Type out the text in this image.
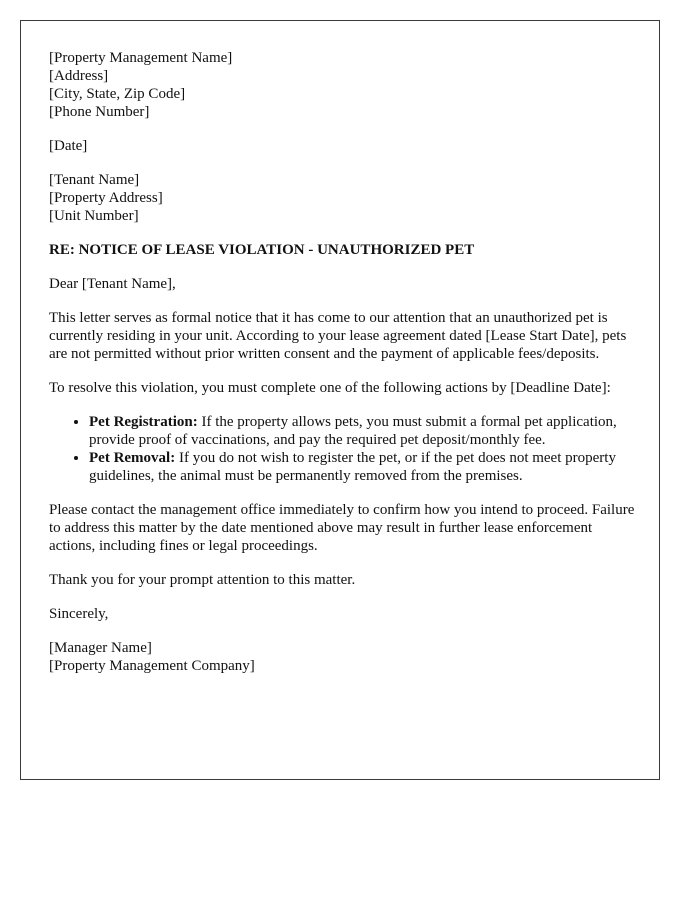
[Property Management Name]
[Address]
[City, State, Zip Code]
[Phone Number]
[Date]
[Tenant Name]
[Property Address]
[Unit Number]
RE: NOTICE OF LEASE VIOLATION - UNAUTHORIZED PET

Dear [Tenant Name],

This letter serves as formal notice that it has come to our attention that an unauthorized pet is currently residing in your unit. According to your lease agreement dated [Lease Start Date], pets are not permitted without prior written consent and the payment of applicable fees/deposits.

To resolve this violation, you must complete one of the following actions by [Deadline Date]:

• Pet Registration: If the property allows pets, you must submit a formal pet application, provide proof of vaccinations, and pay the required pet deposit/monthly fee.
• Pet Removal: If you do not wish to register the pet, or if the pet does not meet property guidelines, the animal must be permanently removed from the premises.

Please contact the management office immediately to confirm how you intend to proceed. Failure to address this matter by the date mentioned above may result in further lease enforcement actions, including fines or legal proceedings.

Thank you for your prompt attention to this matter.

Sincerely,

[Manager Name]
[Property Management Company]
